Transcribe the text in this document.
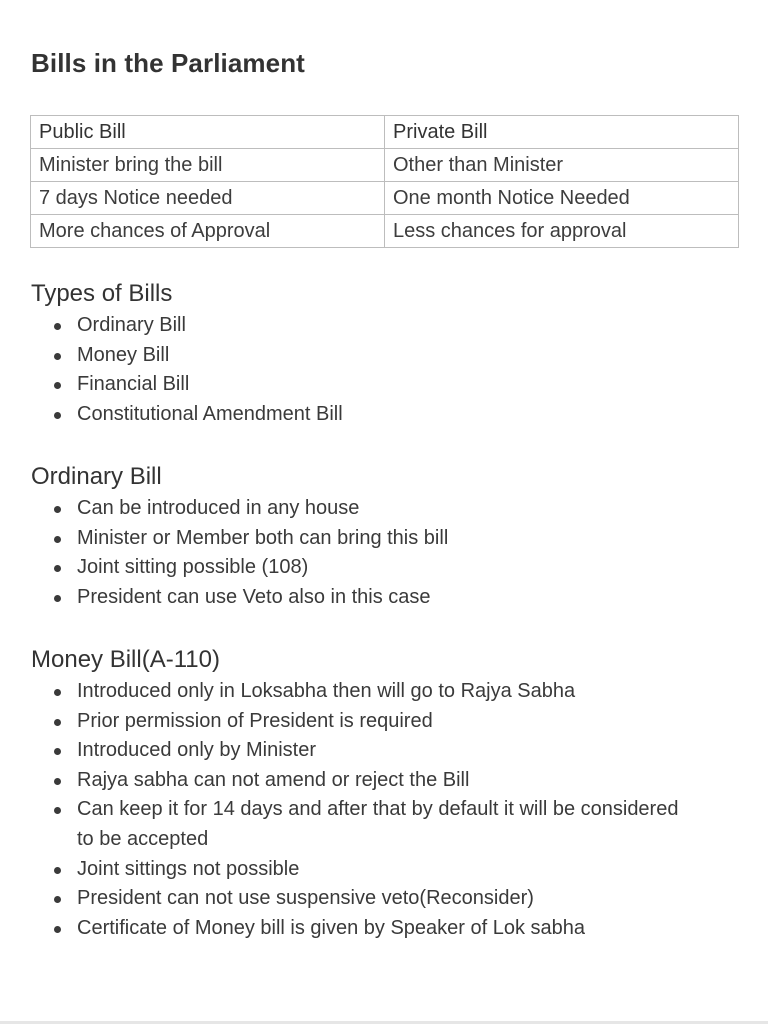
Bills in the Parliament
Public Bill	Private Bill
Minister bring the bill	Other than Minister
7 days Notice needed	One month Notice Needed
More chances of Approval	Less chances for approval
Types of Bills
Ordinary Bill
Money Bill
Financial Bill
Constitutional Amendment Bill
Ordinary Bill
Can be introduced in any house
Minister or Member both can bring this bill
Joint sitting possible (108)
President can use Veto also in this case
Money Bill(A-110)
Introduced only in Loksabha then will go to Rajya Sabha
Prior permission of President is required
Introduced only by Minister
Rajya sabha can not amend or reject the Bill
Can keep it for 14 days and after that by default it will be considered to be accepted
Joint sittings not possible
President can not use suspensive veto(Reconsider)
Certificate of Money bill is given by Speaker of Lok sabha
